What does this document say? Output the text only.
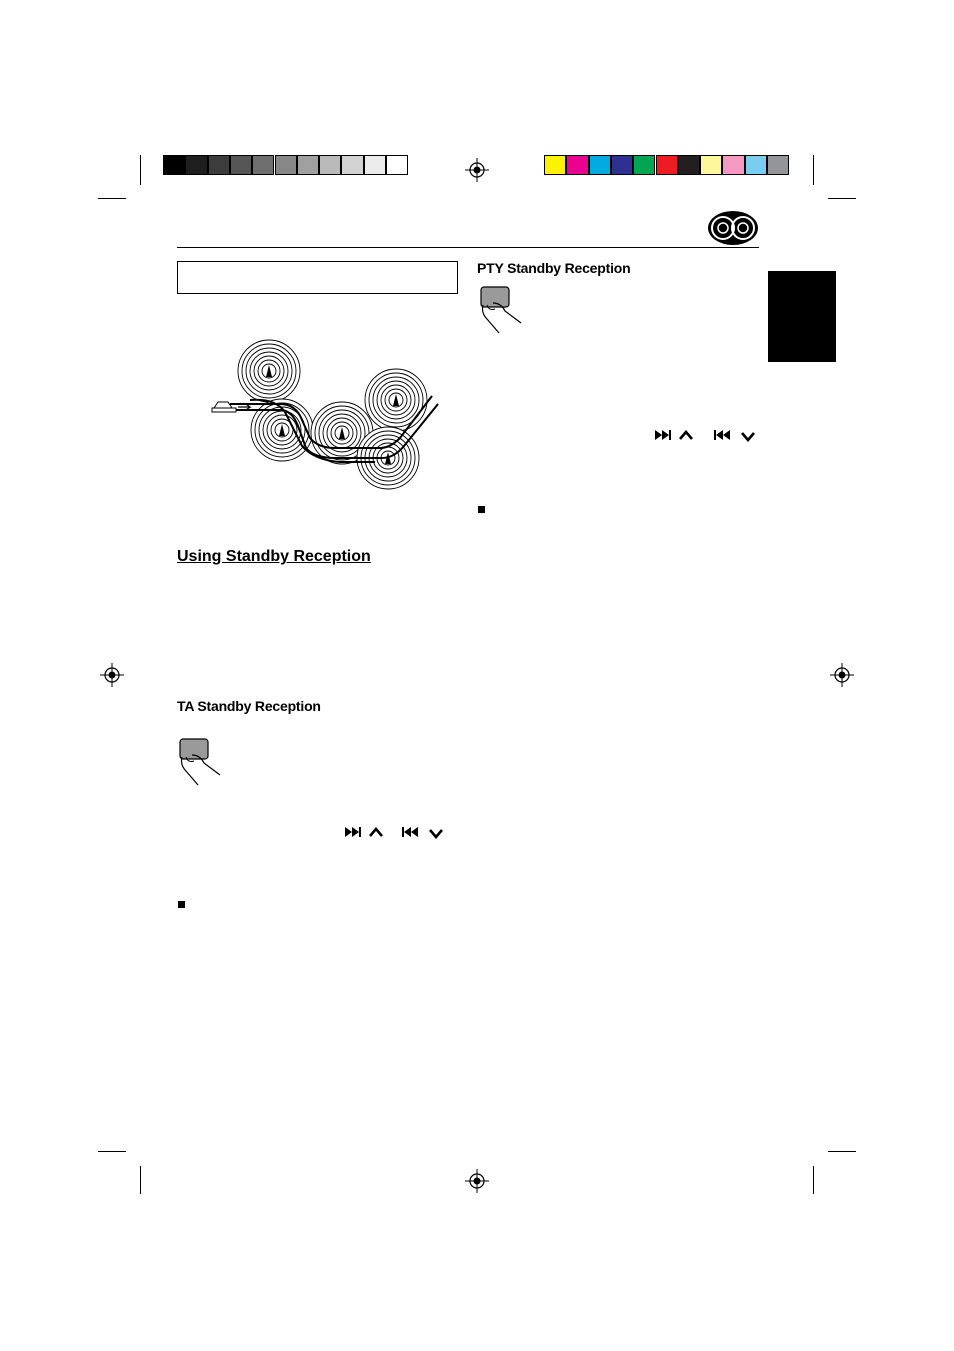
Using Standby Reception
TA Standby Reception
PTY Standby Reception
